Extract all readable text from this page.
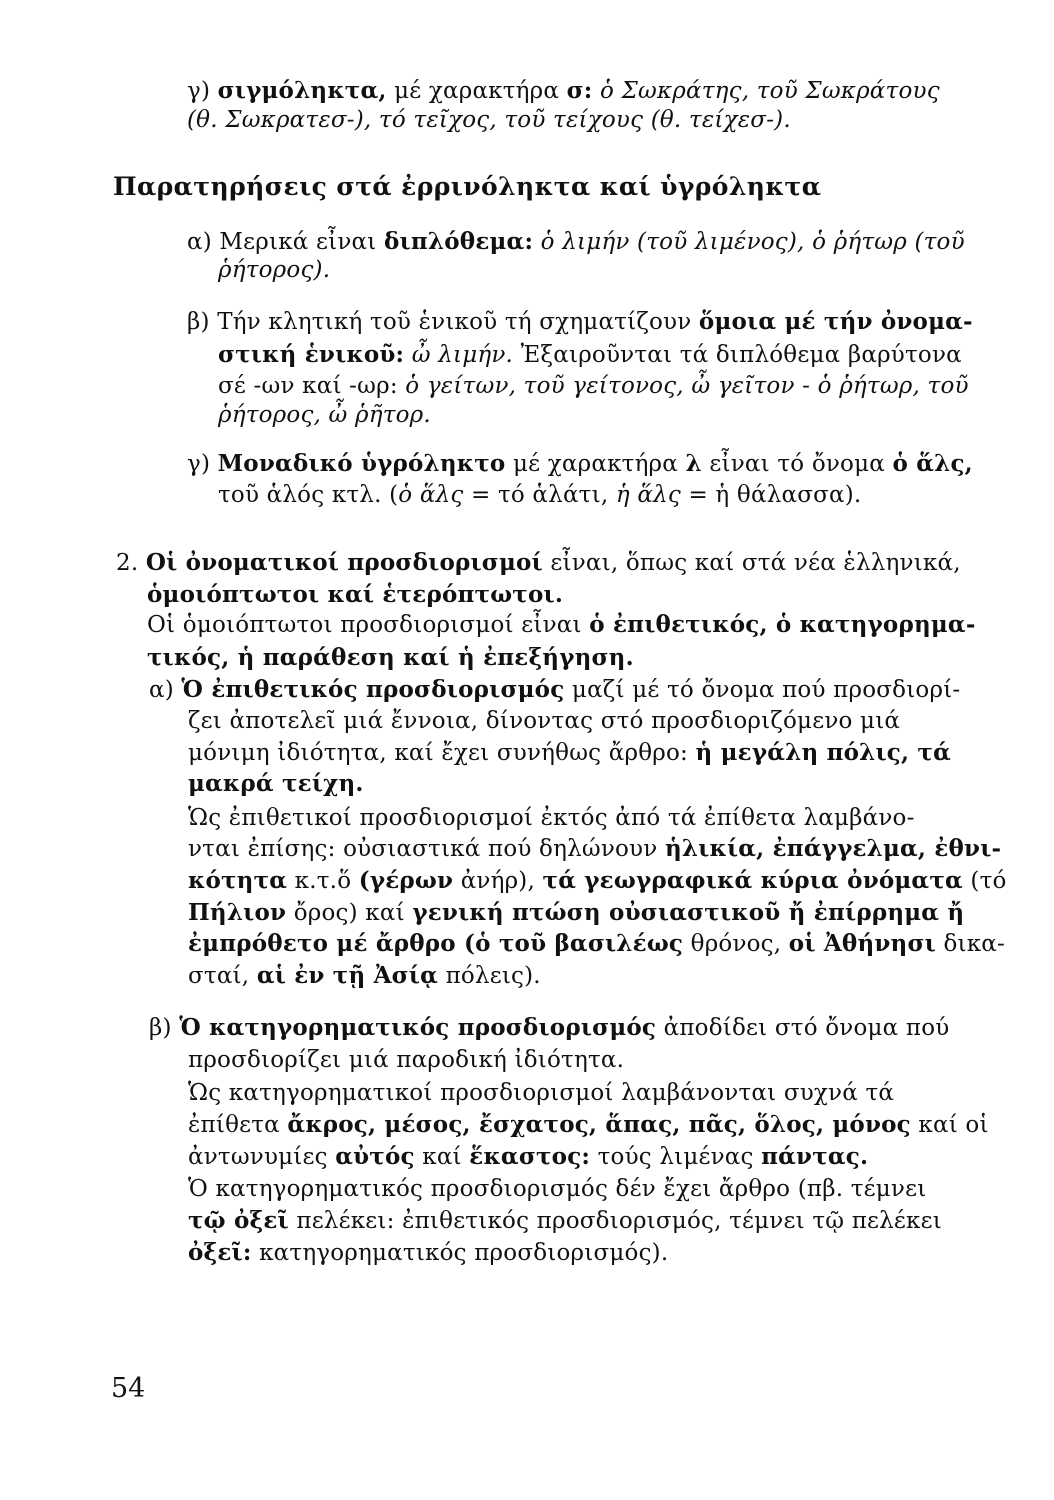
γ) σιγμόληκτα, μέ χαρακτήρα σ: ὁ Σωκράτης, τοῦ Σωκράτους
(θ. Σωκρατεσ-), τό τεῖχος, τοῦ τείχους (θ. τείχεσ-).
Παρατηρήσεις στά ἐρρινόληκτα καί ὑγρόληκτα
α) Μερικά εἶναι διπλόθεμα: ὁ λιμήν (τοῦ λιμένος), ὁ ῥήτωρ (τοῦ
ῥήτορος).
β) Τήν κλητική τοῦ ἑνικοῦ τή σχηματίζουν ὅμοια μέ τήν ὀνομα-
στική ἑνικοῦ: ὦ λιμήν. Ἐξαιροῦνται τά διπλόθεμα βαρύτονα
σέ -ων καί -ωρ: ὁ γείτων, τοῦ γείτονος, ὦ γεῖτον - ὁ ῥήτωρ, τοῦ
ῥήτορος, ὦ ῥῆτορ.
γ) Μοναδικό ὑγρόληκτο μέ χαρακτήρα λ εἶναι τό ὄνομα ὁ ἅλς,
τοῦ ἁλός κτλ. (ὁ ἅλς = τό ἁλάτι, ἡ ἅλς = ἡ θάλασσα).
2. Οἱ ὀνοματικοί προσδιορισμοί εἶναι, ὅπως καί στά νέα ἑλληνικά,
ὁμοιόπτωτοι καί ἑτερόπτωτοι.
Οἱ ὁμοιόπτωτοι προσδιορισμοί εἶναι ὁ ἐπιθετικός, ὁ κατηγορημα-
τικός, ἡ παράθεση καί ἡ ἐπεξήγηση.
α) Ὁ ἐπιθετικός προσδιορισμός μαζί μέ τό ὄνομα πού προσδιορί-
ζει ἀποτελεῖ μιά ἔννοια, δίνοντας στό προσδιοριζόμενο μιά
μόνιμη ἰδιότητα, καί ἔχει συνήθως ἄρθρο: ἡ μεγάλη πόλις, τά
μακρά τείχη.
Ὡς ἐπιθετικοί προσδιορισμοί ἐκτός ἀπό τά ἐπίθετα λαμβάνο-
νται ἐπίσης: οὐσιαστικά πού δηλώνουν ἡλικία, ἐπάγγελμα, ἐθνι-
κότητα κ.τ.ὅ (γέρων ἀνήρ), τά γεωγραφικά κύρια ὀνόματα (τό
Πήλιον ὄρος) καί γενική πτώση οὐσιαστικοῦ ἤ ἐπίρρημα ἤ
ἐμπρόθετο μέ ἄρθρο (ὁ τοῦ βασιλέως θρόνος, οἱ Ἀθήνησι δικα-
σταί, αἱ ἐν τῇ Ἀσίᾳ πόλεις).
β) Ὁ κατηγορηματικός προσδιορισμός ἀποδίδει στό ὄνομα πού
προσδιορίζει μιά παροδική ἰδιότητα.
Ὡς κατηγορηματικοί προσδιορισμοί λαμβάνονται συχνά τά
ἐπίθετα ἄκρος, μέσος, ἔσχατος, ἅπας, πᾶς, ὅλος, μόνος καί οἱ
ἀντωνυμίες αὐτός καί ἕκαστος: τούς λιμένας πάντας.
Ὁ κατηγορηματικός προσδιορισμός δέν ἔχει ἄρθρο (πβ. τέμνει
τῷ ὀξεῖ πελέκει: ἐπιθετικός προσδιορισμός, τέμνει τῷ πελέκει
ὀξεῖ: κατηγορηματικός προσδιορισμός).
54
